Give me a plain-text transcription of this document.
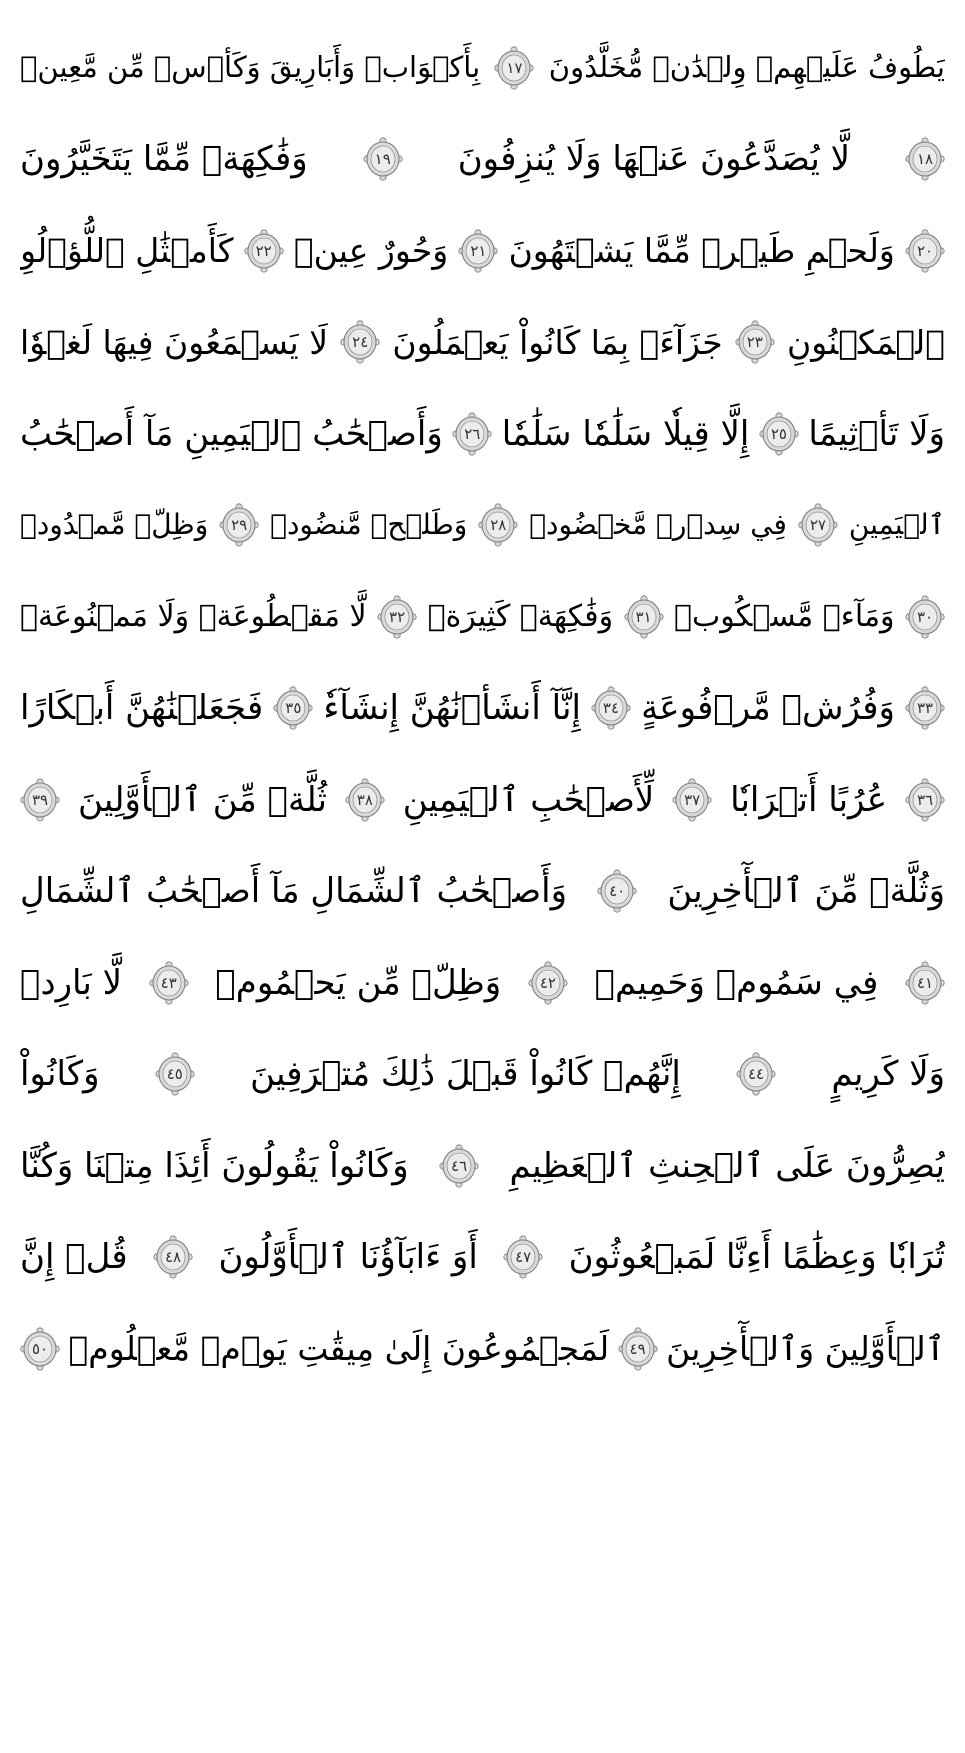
يَطُوفُ عَلَيۡهِمۡ وِلۡدَٰنٞ مُّخَلَّدُونَ
١٧
بِأَكۡوَابٖ وَأَبَارِيقَ وَكَأۡسٖ مِّن مَّعِينٖ
١٨
لَّا يُصَدَّعُونَ عَنۡهَا وَلَا يُنزِفُونَ
١٩
وَفَٰكِهَةٖ مِّمَّا يَتَخَيَّرُونَ
٢٠
وَلَحۡمِ طَيۡرٖ مِّمَّا يَشۡتَهُونَ
٢١
وَحُورٌ عِينٞ
٢٢
كَأَمۡثَٰلِ ٱللُّؤۡلُوِ
ٱلۡمَكۡنُونِ
٢٣
جَزَآءَۢ بِمَا كَانُواْ يَعۡمَلُونَ
٢٤
لَا يَسۡمَعُونَ فِيهَا لَغۡوٗا
وَلَا تَأۡثِيمًا
٢٥
إِلَّا قِيلٗا سَلَٰمٗا سَلَٰمٗا
٢٦
وَأَصۡحَٰبُ ٱلۡيَمِينِ مَآ أَصۡحَٰبُ
ٱلۡيَمِينِ
٢٧
فِي سِدۡرٖ مَّخۡضُودٖ
٢٨
وَطَلۡحٖ مَّنضُودٖ
٢٩
وَظِلّٖ مَّمۡدُودٖ
٣٠
وَمَآءٖ مَّسۡكُوبٖ
٣١
وَفَٰكِهَةٖ كَثِيرَةٖ
٣٢
لَّا مَقۡطُوعَةٖ وَلَا مَمۡنُوعَةٖ
٣٣
وَفُرُشٖ مَّرۡفُوعَةٍ
٣٤
إِنَّآ أَنشَأۡنَٰهُنَّ إِنشَآءٗ
٣٥
فَجَعَلۡنَٰهُنَّ أَبۡكَارًا
٣٦
عُرُبًا أَتۡرَابٗا
٣٧
لِّأَصۡحَٰبِ ٱلۡيَمِينِ
٣٨
ثُلَّةٞ مِّنَ ٱلۡأَوَّلِينَ
٣٩
وَثُلَّةٞ مِّنَ ٱلۡأٓخِرِينَ
٤٠
وَأَصۡحَٰبُ ٱلشِّمَالِ مَآ أَصۡحَٰبُ ٱلشِّمَالِ
٤١
فِي سَمُومٖ وَحَمِيمٖ
٤٢
وَظِلّٖ مِّن يَحۡمُومٖ
٤٣
لَّا بَارِدٖ
وَلَا كَرِيمٍ
٤٤
إِنَّهُمۡ كَانُواْ قَبۡلَ ذَٰلِكَ مُتۡرَفِينَ
٤٥
وَكَانُواْ
يُصِرُّونَ عَلَى ٱلۡحِنثِ ٱلۡعَظِيمِ
٤٦
وَكَانُواْ يَقُولُونَ أَئِذَا مِتۡنَا وَكُنَّا
تُرَابٗا وَعِظَٰمًا أَءِنَّا لَمَبۡعُوثُونَ
٤٧
أَوَ ءَابَآؤُنَا ٱلۡأَوَّلُونَ
٤٨
قُلۡ إِنَّ
ٱلۡأَوَّلِينَ وَٱلۡأٓخِرِينَ
٤٩
لَمَجۡمُوعُونَ إِلَىٰ مِيقَٰتِ يَوۡمٖ مَّعۡلُومٖ
٥٠
